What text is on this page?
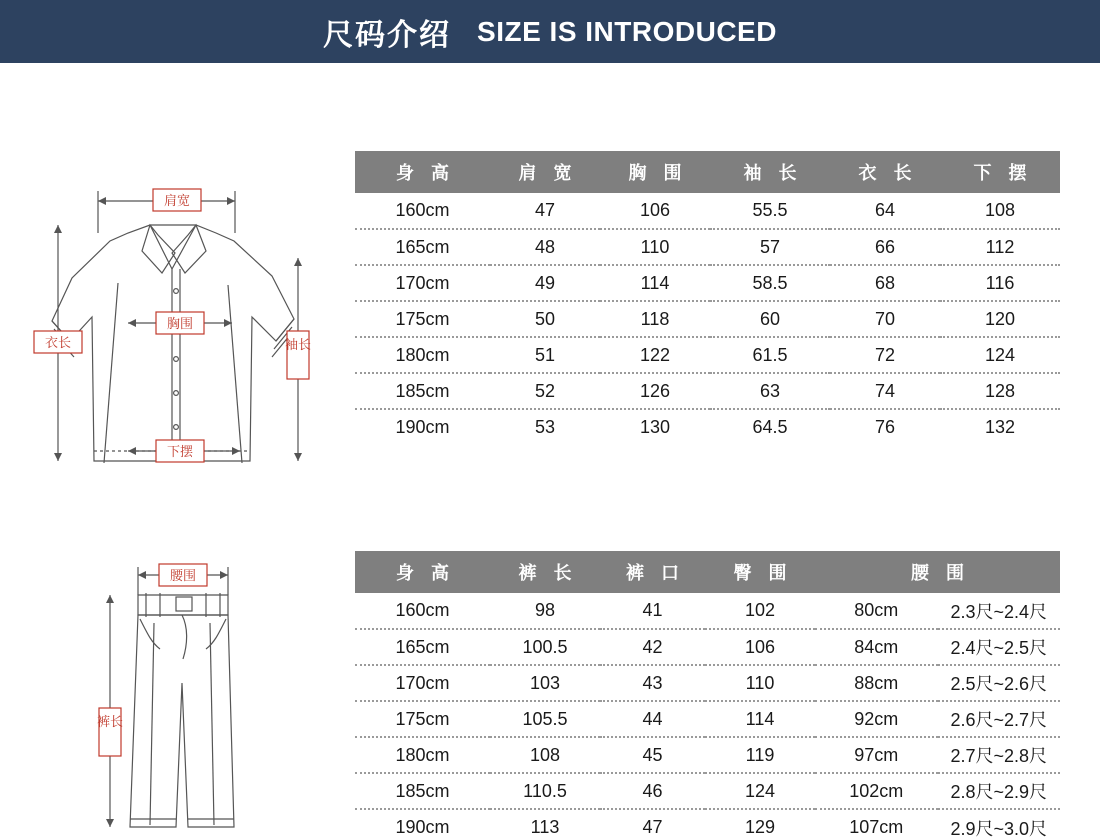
尺码介绍 SIZE IS INTRODUCED
肩宽
胸围
下摆
衣长	袖长
腰围
裤长
身 高	肩 宽	胸 围	袖 长	衣 长	下 摆
160cm	47	106	55.5	64	108
165cm	48	110	57	66	112
170cm	49	114	58.5	68	116
175cm	50	118	60	70	120
180cm	51	122	61.5	72	124
185cm	52	126	63	74	128
190cm	53	130	64.5	76	132
身 高	裤 长	裤 口	臀 围	腰 围	
160cm	98	41	102	80cm	2.3尺~2.4尺
165cm	100.5	42	106	84cm	2.4尺~2.5尺
170cm	103	43	110	88cm	2.5尺~2.6尺
175cm	105.5	44	114	92cm	2.6尺~2.7尺
180cm	108	45	119	97cm	2.7尺~2.8尺
185cm	110.5	46	124	102cm	2.8尺~2.9尺
190cm	113	47	129	107cm	2.9尺~3.0尺
